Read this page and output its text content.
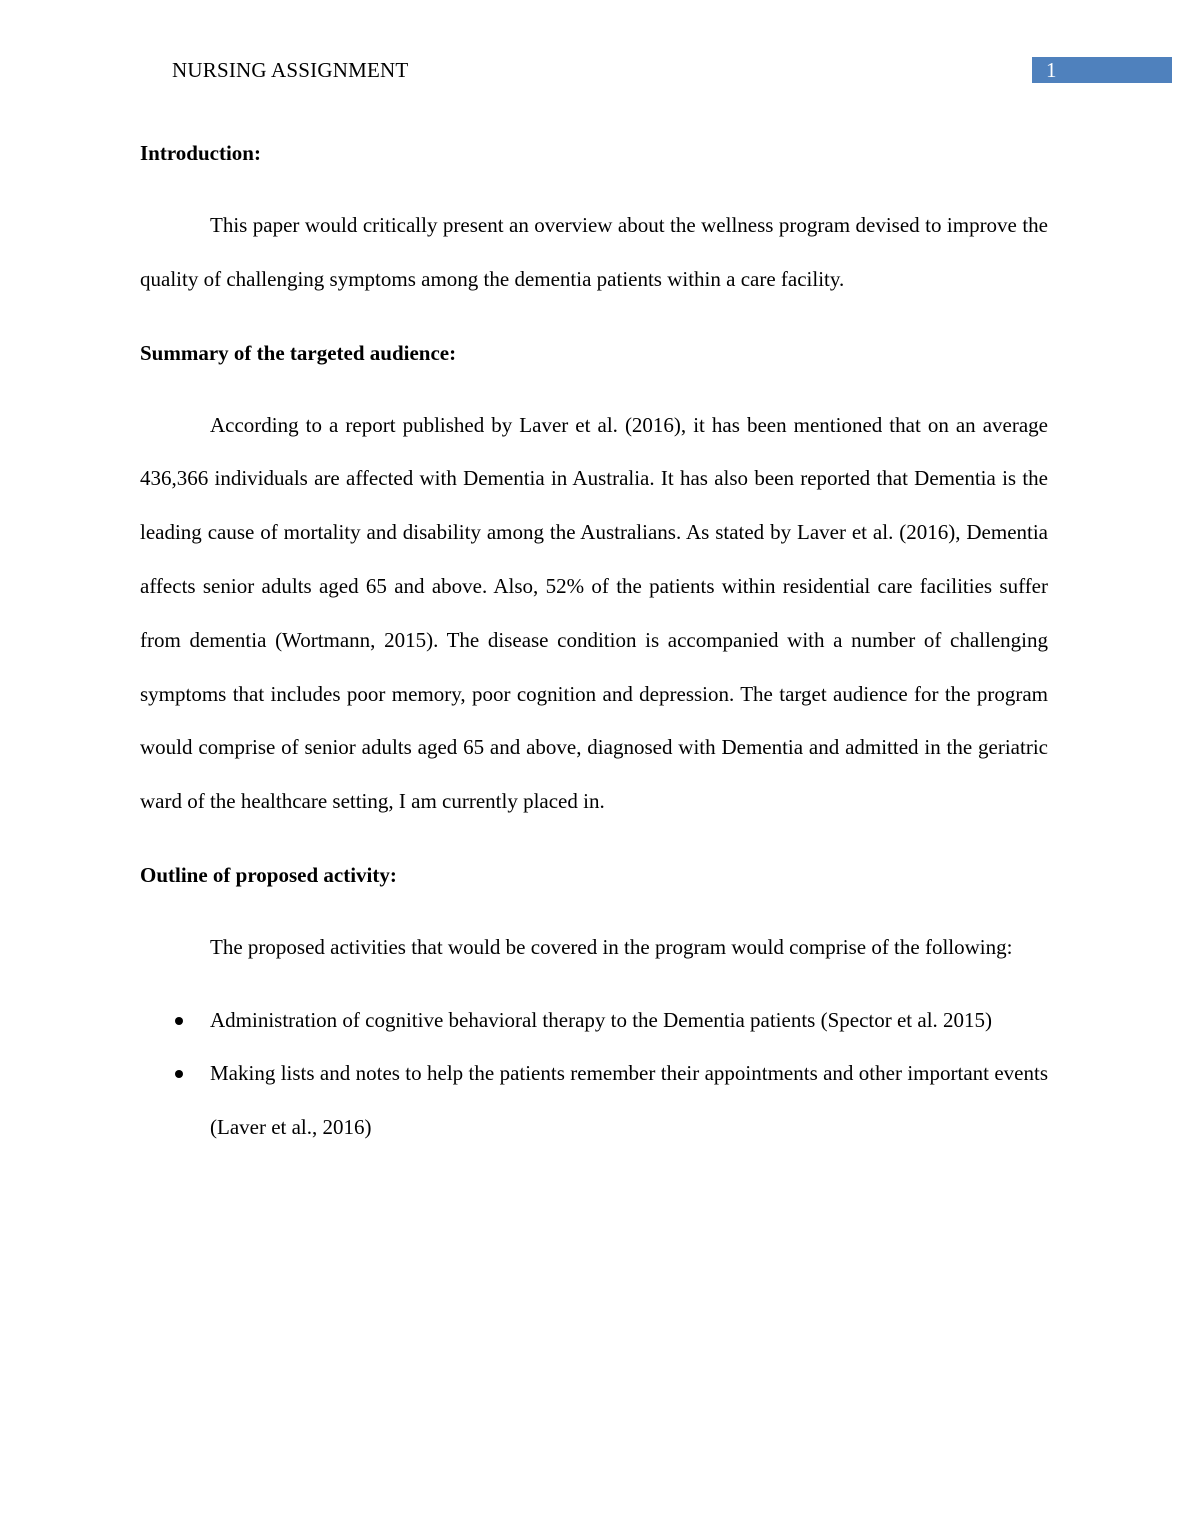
NURSING ASSIGNMENT	1
Introduction:

This paper would critically present an overview about the wellness program devised to improve the quality of challenging symptoms among the dementia patients within a care facility.

Summary of the targeted audience:

According to a report published by Laver et al. (2016), it has been mentioned that on an average 436,366 individuals are affected with Dementia in Australia. It has also been reported that Dementia is the leading cause of mortality and disability among the Australians. As stated by Laver et al. (2016), Dementia affects senior adults aged 65 and above. Also, 52% of the patients within residential care facilities suffer from dementia (Wortmann, 2015). The disease condition is accompanied with a number of challenging symptoms that includes poor memory, poor cognition and depression. The target audience for the program would comprise of senior adults aged 65 and above, diagnosed with Dementia and admitted in the geriatric ward of the healthcare setting, I am currently placed in.

Outline of proposed activity:

The proposed activities that would be covered in the program would comprise of the following:

Administration of cognitive behavioral therapy to the Dementia patients (Spector et al. 2015)
Making lists and notes to help the patients remember their appointments and other important events (Laver et al., 2016)
